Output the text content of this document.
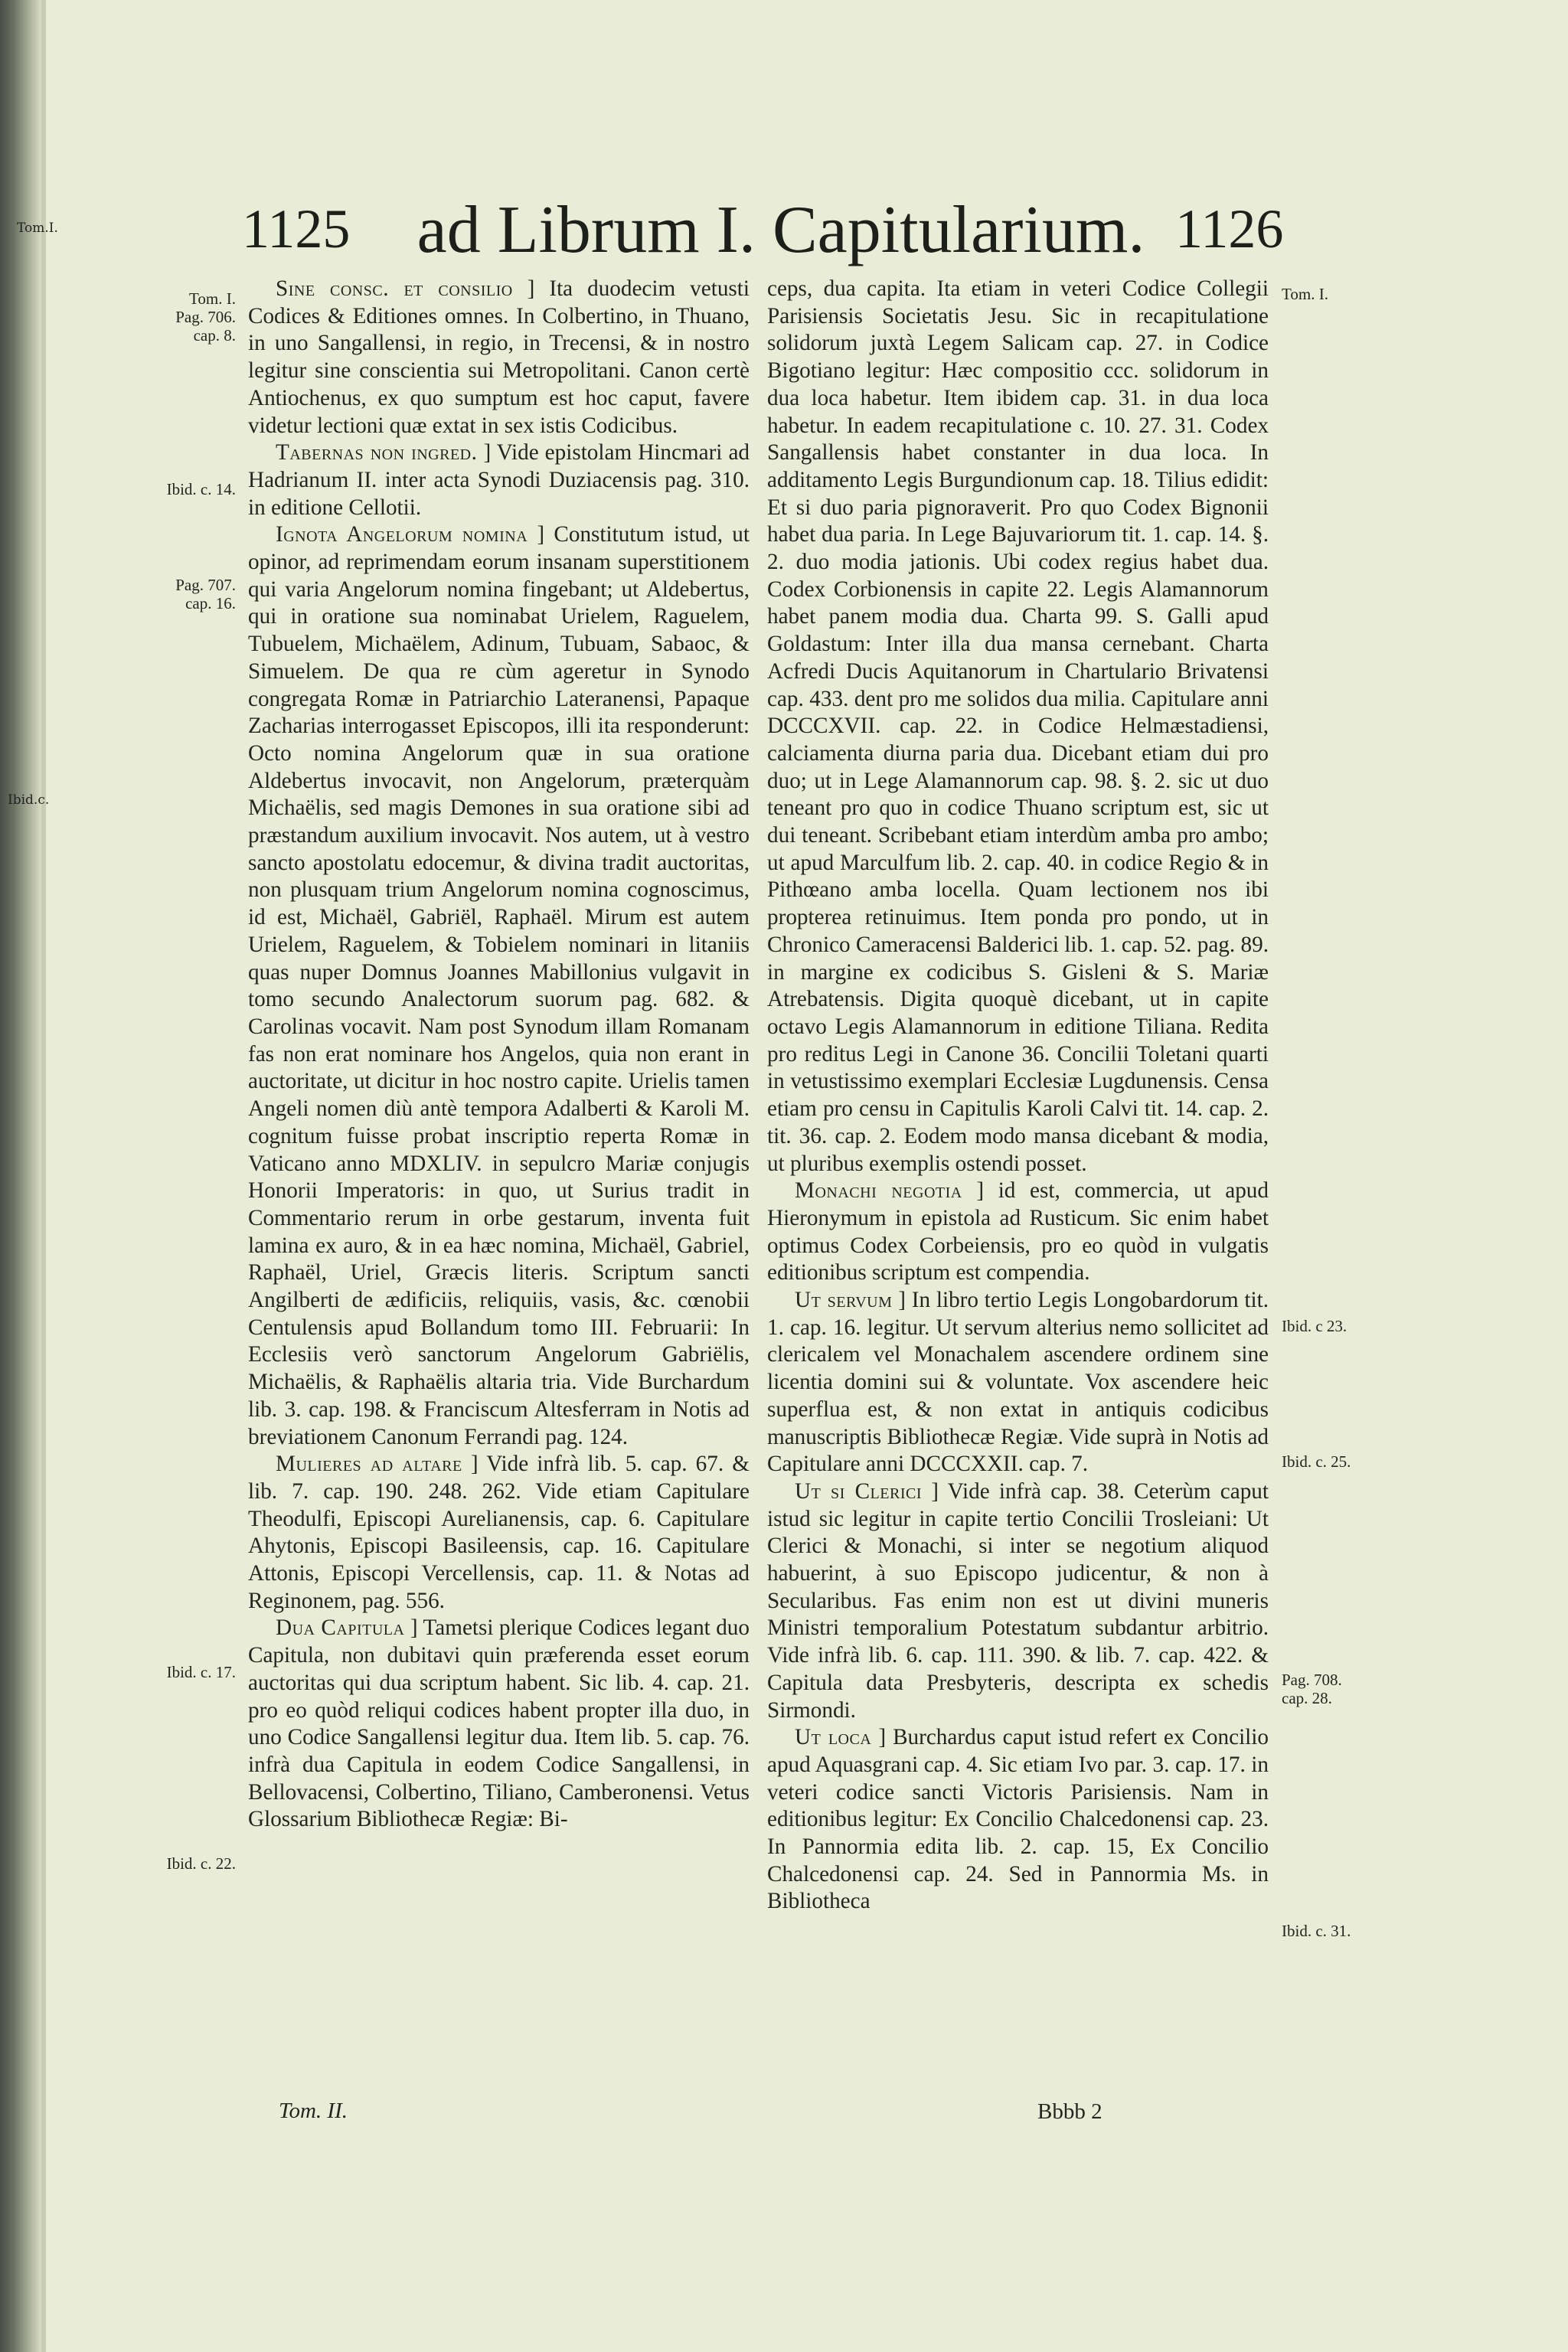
Tom.I.
Ibid.c.
1125 ad Librum I. Capitularium. 1126
Tom. I.
Pag. 706.
cap. 8.
Ibid. c. 14.
Pag. 707.
cap. 16.
Ibid. c. 17.
Ibid. c. 22.
Tom. I.
Ibid. c 23.
Ibid. c. 25.
Pag. 708.
cap. 28.
Ibid. c. 31.

Sine consc. et consilio ] Ita duodecim vetusti Codices & Editiones omnes. In Colbertino, in Thuano, in uno Sangallensi, in regio, in Trecensi, & in nostro legitur sine conscientia sui Metropolitani. Canon certè Antiochenus, ex quo sumptum est hoc caput, favere videtur lectioni quæ extat in sex istis Codicibus.

Tabernas non ingred. ] Vide epistolam Hincmari ad Hadrianum II. inter acta Synodi Duziacensis pag. 310. in editione Cellotii.

Ignota Angelorum nomina ] Constitutum istud, ut opinor, ad reprimendam eorum insanam superstitionem qui varia Angelorum nomina fingebant; ut Aldebertus, qui in oratione sua nominabat Urielem, Raguelem, Tubuelem, Michaëlem, Adinum, Tubuam, Sabaoc, & Simuelem. De qua re cùm ageretur in Synodo congregata Romæ in Patriarchio Lateranensi, Papaque Zacharias interrogasset Episcopos, illi ita responderunt: Octo nomina Angelorum quæ in sua oratione Aldebertus invocavit, non Angelorum, præterquàm Michaëlis, sed magis Demones in sua oratione sibi ad præstandum auxilium invocavit. Nos autem, ut à vestro sancto apostolatu edocemur, & divina tradit auctoritas, non plusquam trium Angelorum nomina cognoscimus, id est, Michaël, Gabriël, Raphaël. Mirum est autem Urielem, Raguelem, & Tobielem nominari in litaniis quas nuper Domnus Joannes Mabillonius vulgavit in tomo secundo Analectorum suorum pag. 682. & Carolinas vocavit. Nam post Synodum illam Romanam fas non erat nominare hos Angelos, quia non erant in auctoritate, ut dicitur in hoc nostro capite. Urielis tamen Angeli nomen diù antè tempora Adalberti & Karoli M. cognitum fuisse probat inscriptio reperta Romæ in Vaticano anno MDXLIV. in sepulcro Mariæ conjugis Honorii Imperatoris: in quo, ut Surius tradit in Commentario rerum in orbe gestarum, inventa fuit lamina ex auro, & in ea hæc nomina, Michaël, Gabriel, Raphaël, Uriel, Græcis literis. Scriptum sancti Angilberti de ædificiis, reliquiis, vasis, &c. cœnobii Centulensis apud Bollandum tomo III. Februarii: In Ecclesiis verò sanctorum Angelorum Gabriëlis, Michaëlis, & Raphaëlis altaria tria. Vide Burchardum lib. 3. cap. 198. & Franciscum Altesferram in Notis ad breviationem Canonum Ferrandi pag. 124.

Mulieres ad altare ] Vide infrà lib. 5. cap. 67. & lib. 7. cap. 190. 248. 262. Vide etiam Capitulare Theodulfi, Episcopi Aurelianensis, cap. 6. Capitulare Ahytonis, Episcopi Basileensis, cap. 16. Capitulare Attonis, Episcopi Vercellensis, cap. 11. & Notas ad Reginonem, pag. 556.

Dua Capitula ] Tametsi plerique Codices legant duo Capitula, non dubitavi quin præferenda esset eorum auctoritas qui dua scriptum habent. Sic lib. 4. cap. 21. pro eo quòd reliqui codices habent propter illa duo, in uno Codice Sangallensi legitur dua. Item lib. 5. cap. 76. infrà dua Capitula in eodem Codice Sangallensi, in Bellovacensi, Colbertino, Tiliano, Camberonensi. Vetus Glossarium Bibliothecæ Regiæ: Bi-

Tom. II.

ceps, dua capita. Ita etiam in veteri Codice Collegii Parisiensis Societatis Jesu. Sic in recapitulatione solidorum juxtà Legem Salicam cap. 27. in Codice Bigotiano legitur: Hæc compositio ccc. solidorum in dua loca habetur. Item ibidem cap. 31. in dua loca habetur. In eadem recapitulatione c. 10. 27. 31. Codex Sangallensis habet constanter in dua loca. In additamento Legis Burgundionum cap. 18. Tilius edidit: Et si duo paria pignoraverit. Pro quo Codex Bignonii habet dua paria. In Lege Bajuvariorum tit. 1. cap. 14. §. 2. duo modia jationis. Ubi codex regius habet dua. Codex Corbionensis in capite 22. Legis Alamannorum habet panem modia dua. Charta 99. S. Galli apud Goldastum: Inter illa dua mansa cernebant. Charta Acfredi Ducis Aquitanorum in Chartulario Brivatensi cap. 433. dent pro me solidos dua milia. Capitulare anni DCCCXVII. cap. 22. in Codice Helmæstadiensi, calciamenta diurna paria dua. Dicebant etiam dui pro duo; ut in Lege Alamannorum cap. 98. §. 2. sic ut duo teneant pro quo in codice Thuano scriptum est, sic ut dui teneant. Scribebant etiam interdùm amba pro ambo; ut apud Marculfum lib. 2. cap. 40. in codice Regio & in Pithœano amba locella. Quam lectionem nos ibi propterea retinuimus. Item ponda pro pondo, ut in Chronico Cameracensi Balderici lib. 1. cap. 52. pag. 89. in margine ex codicibus S. Gisleni & S. Mariæ Atrebatensis. Digita quoquè dicebant, ut in capite octavo Legis Alamannorum in editione Tiliana. Redita pro reditus Legi in Canone 36. Concilii Toletani quarti in vetustissimo exemplari Ecclesiæ Lugdunensis. Censa etiam pro censu in Capitulis Karoli Calvi tit. 14. cap. 2. tit. 36. cap. 2. Eodem modo mansa dicebant & modia, ut pluribus exemplis ostendi posset.

Monachi negotia ] id est, commercia, ut apud Hieronymum in epistola ad Rusticum. Sic enim habet optimus Codex Corbeiensis, pro eo quòd in vulgatis editionibus scriptum est compendia.

Ut servum ] In libro tertio Legis Longobardorum tit. 1. cap. 16. legitur. Ut servum alterius nemo sollicitet ad clericalem vel Monachalem ascendere ordinem sine licentia domini sui & voluntate. Vox ascendere heic superflua est, & non extat in antiquis codicibus manuscriptis Bibliothecæ Regiæ. Vide suprà in Notis ad Capitulare anni DCCCXXII. cap. 7.

Ut si Clerici ] Vide infrà cap. 38. Ceterùm caput istud sic legitur in capite tertio Concilii Trosleiani: Ut Clerici & Monachi, si inter se negotium aliquod habuerint, à suo Episcopo judicentur, & non à Secularibus. Fas enim non est ut divini muneris Ministri temporalium Potestatum subdantur arbitrio. Vide infrà lib. 6. cap. 111. 390. & lib. 7. cap. 422. & Capitula data Presbyteris, descripta ex schedis Sirmondi.

Ut loca ] Burchardus caput istud refert ex Concilio apud Aquasgrani cap. 4. Sic etiam Ivo par. 3. cap. 17. in veteri codice sancti Victoris Parisiensis. Nam in editionibus legitur: Ex Concilio Chalcedonensi cap. 23. In Pannormia edita lib. 2. cap. 15, Ex Concilio Chalcedonensi cap. 24. Sed in Pannormia Ms. in Bibliotheca

Bbbb 2
